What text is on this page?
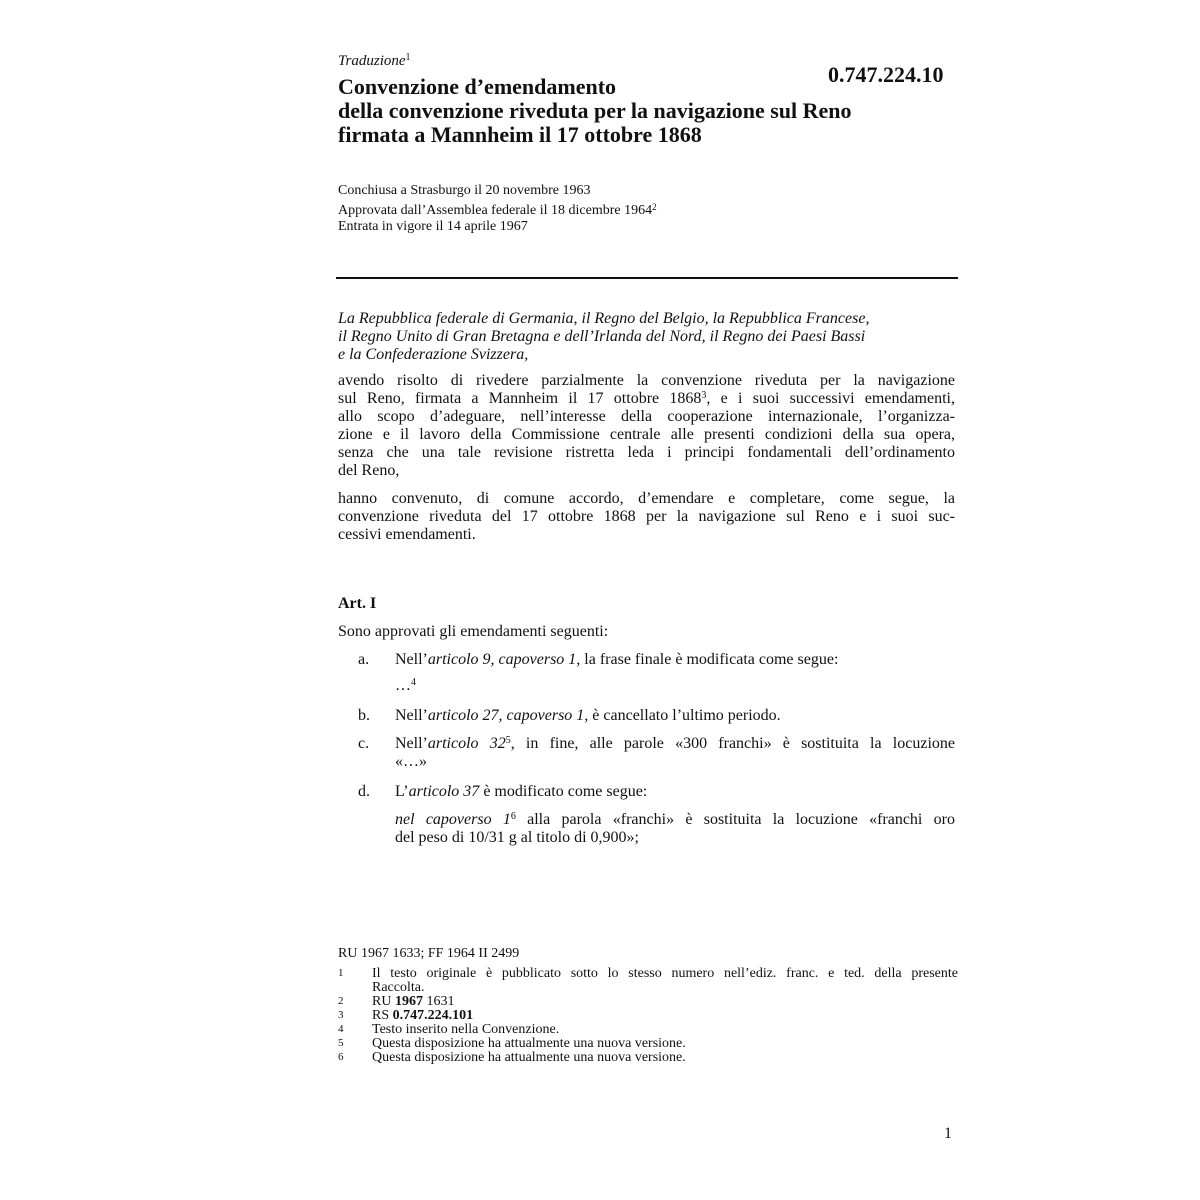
Traduzione$^1$
0.747.224.10
Convenzione d’emendamento
della convenzione riveduta per la navigazione sul Reno
firmata a Mannheim il 17 ottobre 1868
Conchiusa a Strasburgo il 20 novembre 1963
Approvata dall’Assemblea federale il 18 dicembre 1964$^2$
Entrata in vigore il 14 aprile 1967
La Repubblica federale di Germania, il Regno del Belgio, la Repubblica Francese,
il Regno Unito di Gran Bretagna e dell’Irlanda del Nord, il Regno dei Paesi Bassi
e la Confederazione Svizzera,
avendo risolto di rivedere parzialmente la convenzione riveduta per la navigazione
sul Reno, firmata a Mannheim il 17 ottobre 1868$^3$, e i suoi successivi emendamenti,
allo scopo d’adeguare, nell’interesse della cooperazione internazionale, l’organizza-
zione e il lavoro della Commissione centrale alle presenti condizioni della sua opera,
senza che una tale revisione ristretta leda i principi fondamentali dell’ordinamento
del Reno,
hanno convenuto, di comune accordo, d’emendare e completare, come segue, la
convenzione riveduta del 17 ottobre 1868 per la navigazione sul Reno e i suoi suc-
cessivi emendamenti.
Art. I
Sono approvati gli emendamenti seguenti:
a. Nell’articolo 9, capoverso 1, la frase finale è modificata come segue:
…$^4$
b. Nell’articolo 27, capoverso 1, è cancellato l’ultimo periodo.
c. Nell’articolo 32$^5$, in fine, alle parole «300 franchi» è sostituita la locuzione
«…»
d. L’articolo 37 è modificato come segue:
nel capoverso 1$^6$ alla parola «franchi» è sostituita la locuzione «franchi oro
del peso di 10/31 g al titolo di 0,900»;
RU 1967 1633; FF 1964 II 2499
1 Il testo originale è pubblicato sotto lo stesso numero nell’ediz. franc. e ted. della presente
Raccolta.
2 RU 1967 1631
3 RS 0.747.224.101
4 Testo inserito nella Convenzione.
5 Questa disposizione ha attualmente una nuova versione.
6 Questa disposizione ha attualmente una nuova versione.
1
